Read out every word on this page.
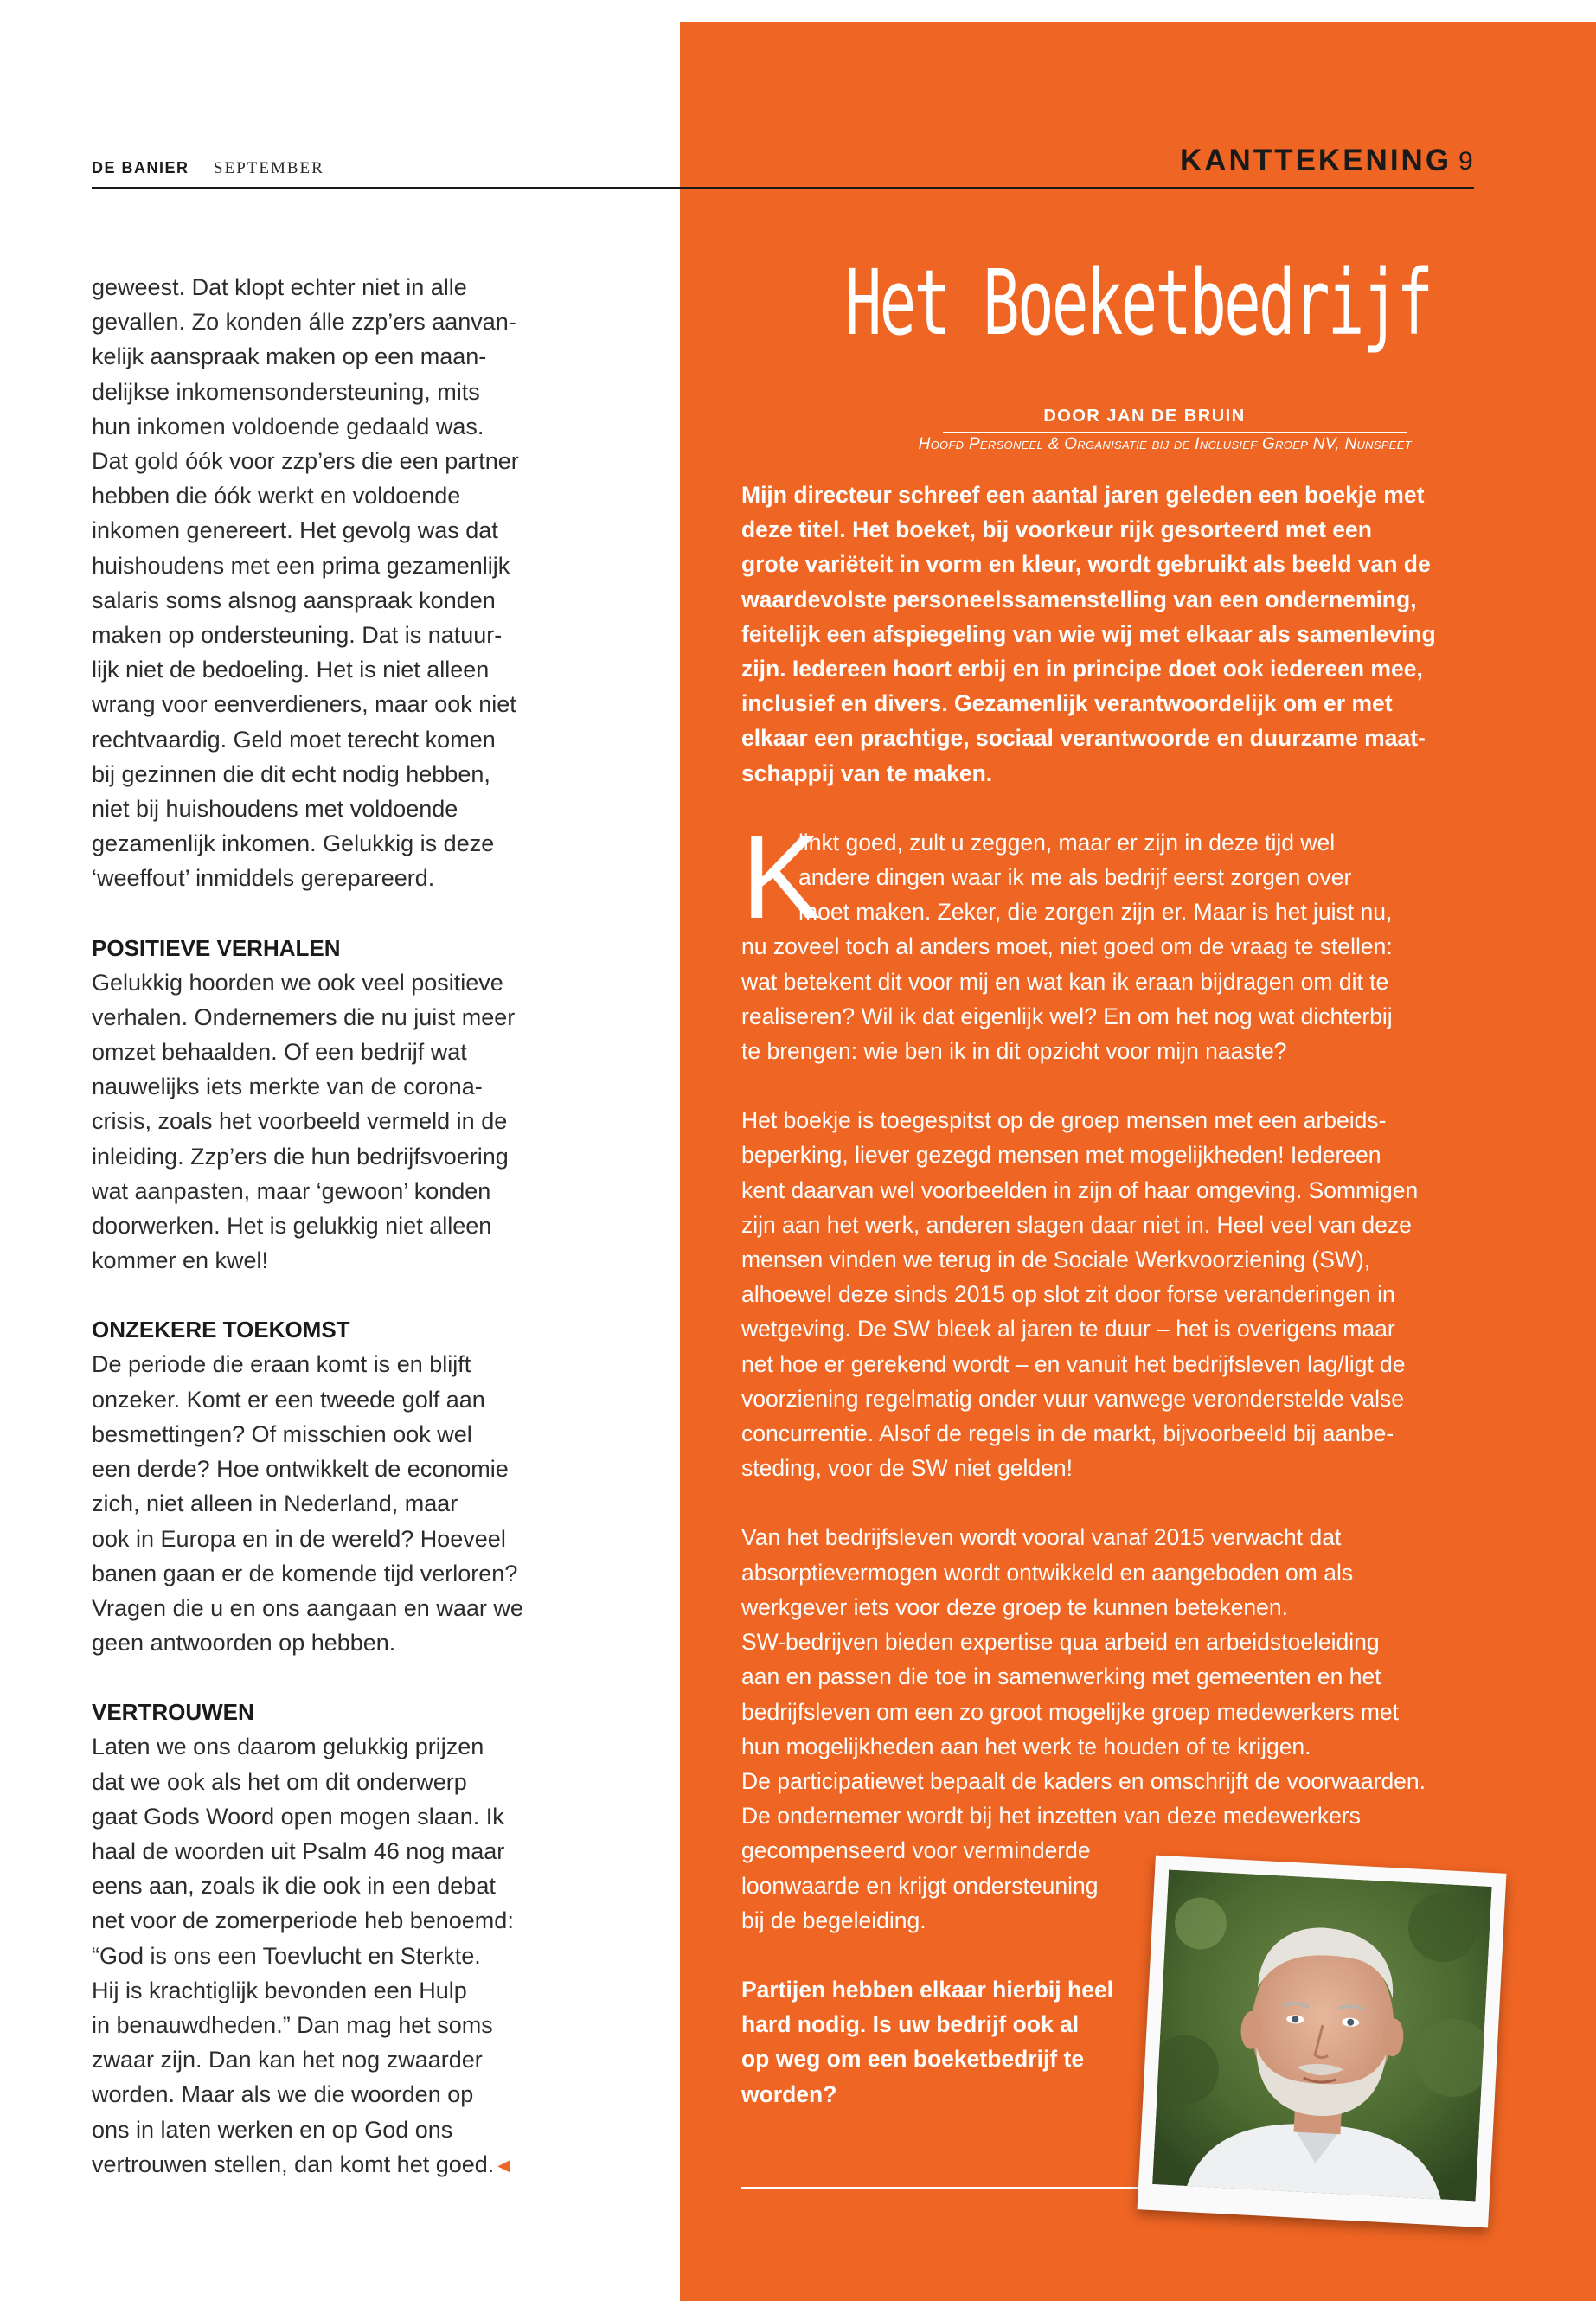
DE BANIER SEPTEMBER	KANTTEKENING 9

geweest. Dat klopt echter niet in alle
gevallen. Zo konden álle zzp’ers aanvan-
kelijk aanspraak maken op een maan-
delijkse inkomensondersteuning, mits
hun inkomen voldoende gedaald was.
Dat gold óók voor zzp’ers die een partner
hebben die óók werkt en voldoende
inkomen genereert. Het gevolg was dat
huishoudens met een prima gezamenlijk
salaris soms alsnog aanspraak konden
maken op ondersteuning. Dat is natuur-
lijk niet de bedoeling. Het is niet alleen
wrang voor eenverdieners, maar ook niet
rechtvaardig. Geld moet terecht komen
bij gezinnen die dit echt nodig hebben,
niet bij huishoudens met voldoende
gezamenlijk inkomen. Gelukkig is deze
‘weeffout’ inmiddels gerepareerd.

POSITIEVE VERHALEN

Gelukkig hoorden we ook veel positieve
verhalen. Ondernemers die nu juist meer
omzet behaalden. Of een bedrijf wat
nauwelijks iets merkte van de corona-
crisis, zoals het voorbeeld vermeld in de
inleiding. Zzp’ers die hun bedrijfsvoering
wat aanpasten, maar ‘gewoon’ konden
doorwerken. Het is gelukkig niet alleen
kommer en kwel!

ONZEKERE TOEKOMST

De periode die eraan komt is en blijft
onzeker. Komt er een tweede golf aan
besmettingen? Of misschien ook wel
een derde? Hoe ontwikkelt de economie
zich, niet alleen in Nederland, maar
ook in Europa en in de wereld? Hoeveel
banen gaan er de komende tijd verloren?
Vragen die u en ons aangaan en waar we
geen antwoorden op hebben.

VERTROUWEN

Laten we ons daarom gelukkig prijzen
dat we ook als het om dit onderwerp
gaat Gods Woord open mogen slaan. Ik
haal de woorden uit Psalm 46 nog maar
eens aan, zoals ik die ook in een debat
net voor de zomerperiode heb benoemd:
“God is ons een Toevlucht en Sterkte.
Hij is krachtiglijk bevonden een Hulp
in benauwdheden.” Dan mag het soms
zwaar zijn. Dan kan het nog zwaarder
worden. Maar als we die woorden op
ons in laten werken en op God ons
vertrouwen stellen, dan komt het goed. ◀

Het Boeketbedrijf
DOOR JAN DE BRUIN
Hoofd Personeel & Organisatie bij de Inclusief Groep NV, Nunspeet

Mijn directeur schreef een aantal jaren geleden een boekje met
deze titel. Het boeket, bij voorkeur rijk gesorteerd met een
grote variëteit in vorm en kleur, wordt gebruikt als beeld van de
waardevolste personeelssamenstelling van een onderneming,
feitelijk een afspiegeling van wie wij met elkaar als samenleving
zijn. Iedereen hoort erbij en in principe doet ook iedereen mee,
inclusief en divers. Gezamenlijk verantwoordelijk om er met
elkaar een prachtige, sociaal verantwoorde en duurzame maat-
schappij van te maken.

K

linkt goed, zult u zeggen, maar er zijn in deze tijd wel
andere dingen waar ik me als bedrijf eerst zorgen over
moet maken. Zeker, die zorgen zijn er. Maar is het juist nu,

nu zoveel toch al anders moet, niet goed om de vraag te stellen:
wat betekent dit voor mij en wat kan ik eraan bijdragen om dit te
realiseren? Wil ik dat eigenlijk wel? En om het nog wat dichterbij
te brengen: wie ben ik in dit opzicht voor mijn naaste?

Het boekje is toegespitst op de groep mensen met een arbeids-
beperking, liever gezegd mensen met mogelijkheden! Iedereen
kent daarvan wel voorbeelden in zijn of haar omgeving. Sommigen
zijn aan het werk, anderen slagen daar niet in. Heel veel van deze
mensen vinden we terug in de Sociale Werkvoorziening (SW),
alhoewel deze sinds 2015 op slot zit door forse veranderingen in
wetgeving. De SW bleek al jaren te duur – het is overigens maar
net hoe er gerekend wordt – en vanuit het bedrijfsleven lag/ligt de
voorziening regelmatig onder vuur vanwege veronderstelde valse
concurrentie. Alsof de regels in de markt, bijvoorbeeld bij aanbe-
steding, voor de SW niet gelden!

Van het bedrijfsleven wordt vooral vanaf 2015 verwacht dat
absorptievermogen wordt ontwikkeld en aangeboden om als
werkgever iets voor deze groep te kunnen betekenen.
SW-bedrijven bieden expertise qua arbeid en arbeidstoeleiding
aan en passen die toe in samenwerking met gemeenten en het
bedrijfsleven om een zo groot mogelijke groep medewerkers met
hun mogelijkheden aan het werk te houden of te krijgen.
De participatiewet bepaalt de kaders en omschrijft de voorwaarden.
De ondernemer wordt bij het inzetten van deze medewerkers
gecompenseerd voor verminderde
loonwaarde en krijgt ondersteuning
bij de begeleiding.

Partijen hebben elkaar hierbij heel
hard nodig. Is uw bedrijf ook al
op weg om een boeketbedrijf te
worden?
